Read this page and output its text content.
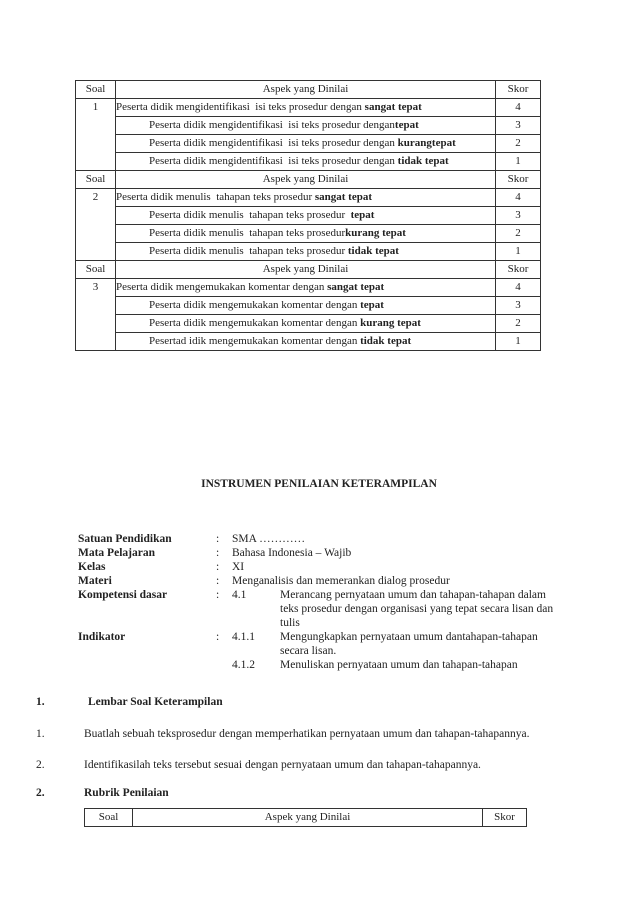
Soal	Aspek yang Dinilai	Skor
1	Peserta didik mengidentifikasi  isi teks prosedur dengan sangat tepat	4
	Peserta didik mengidentifikasi  isi teks prosedur dengantepat	3
	Peserta didik mengidentifikasi  isi teks prosedur dengan kurangtepat	2
	Peserta didik mengidentifikasi  isi teks prosedur dengan tidak tepat	1
Soal	Aspek yang Dinilai	Skor
2	Peserta didik menulis  tahapan teks prosedur sangat tepat	4
	Peserta didik menulis  tahapan teks prosedur  tepat	3
	Peserta didik menulis  tahapan teks prosedurkurang tepat	2
	Peserta didik menulis  tahapan teks prosedur tidak tepat	1
Soal	Aspek yang Dinilai	Skor
3	Peserta didik mengemukakan komentar dengan sangat tepat	4
	Peserta didik mengemukakan komentar dengan tepat	3
	Peserta didik mengemukakan komentar dengan kurang tepat	2
	Pesertad idik mengemukakan komentar dengan tidak tepat	1
INSTRUMEN PENILAIAN KETERAMPILAN
Satuan Pendidikan	: SMA …………
Mata Pelajaran	: Bahasa Indonesia – Wajib
Kelas	: XI
Materi	: Menganalisis dan memerankan dialog prosedur
Kompetensi dasar	: 4.1	Merancang pernyataan umum dan tahapan-tahapan dalam
teks prosedur dengan organisasi yang tepat secara lisan dan
tulis
Indikator	: 4.1.1 Mengungkapkan pernyataan umum dantahapan-tahapan
secara lisan.
4.1.2 Menuliskan pernyataan umum dan tahapan-tahapan
1.	Lembar Soal Keterampilan
1.	Buatlah sebuah teksprosedur dengan memperhatikan pernyataan umum dan tahapan-tahapannya.
2.	Identifikasilah teks tersebut sesuai dengan pernyataan umum dan tahapan-tahapannya.
2.	Rubrik Penilaian
Soal	Aspek yang Dinilai	Skor
